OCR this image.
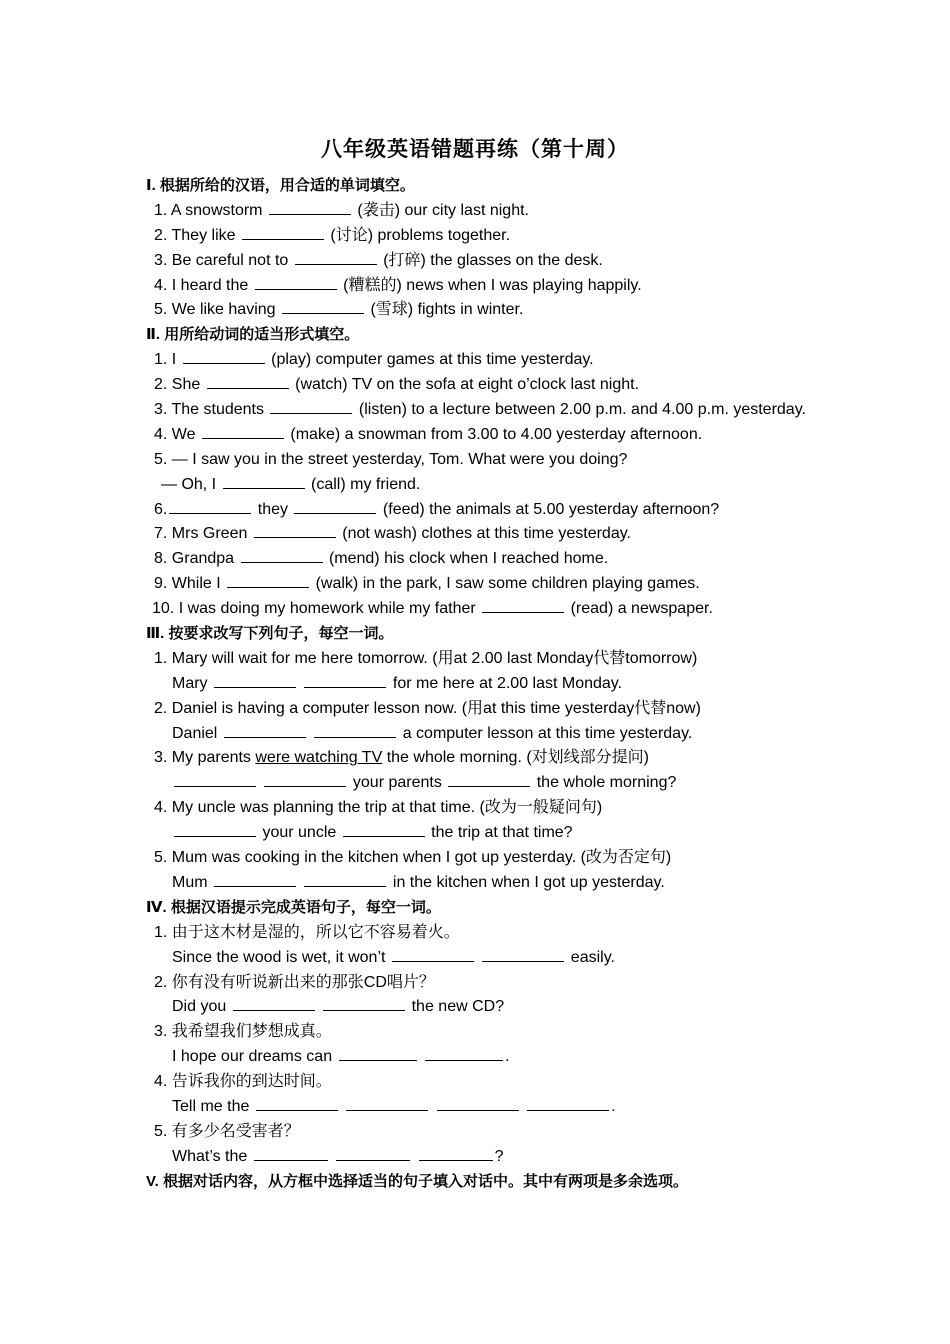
八年级英语错题再练（第十周）
Ⅰ. 根据所给的汉语，用合适的单词填空。
1. A snowstorm	(袭击) our city last night.
2. They like	(讨论) problems together.
3. Be careful not to	(打碎) the glasses on the desk.
4. I heard the	(糟糕的) news when I was playing happily.
5. We like having	(雪球) fights in winter.
Ⅱ. 用所给动词的适当形式填空。
1. I	(play) computer games at this time yesterday.
2. She	(watch) TV on the sofa at eight o’clock last night.
3. The students	(listen) to a lecture between 2.00 p.m. and 4.00 p.m. yesterday.
4. We	(make) a snowman from 3.00 to 4.00 yesterday afternoon.
5. — I saw you in the street yesterday, Tom. What were you doing?
— Oh, I	(call) my friend.
6.	they	(feed) the animals at 5.00 yesterday afternoon?
7. Mrs Green	(not wash) clothes at this time yesterday.
8. Grandpa	(mend) his clock when I reached home.
9. While I	(walk) in the park, I saw some children playing games.
10. I was doing my homework while my father	(read) a newspaper.
Ⅲ. 按要求改写下列句子，每空一词。
1. Mary will wait for me here tomorrow. (用at 2.00 last Monday代替tomorrow)
Mary	for me here at 2.00 last Monday.
2. Daniel is having a computer lesson now. (用at this time yesterday代替now)
Daniel	a computer lesson at this time yesterday.
3. My parents were watching TV the whole morning. (对划线部分提问)
your parents	the whole morning?
4. My uncle was planning the trip at that time. (改为一般疑问句)
your uncle	the trip at that time?
5. Mum was cooking in the kitchen when I got up yesterday. (改为否定句)
Mum	in the kitchen when I got up yesterday.
Ⅳ. 根据汉语提示完成英语句子，每空一词。
1. 由于这木材是湿的，所以它不容易着火。
Since the wood is wet, it won’t	easily.
2. 你有没有听说新出来的那张CD唱片？
Did you	the new CD?
3. 我希望我们梦想成真。
I hope our dreams can	.
4. 告诉我你的到达时间。
Tell me the	.
5. 有多少名受害者？
What’s the	?
V. 根据对话内容，从方框中选择适当的句子填入对话中。其中有两项是多余选项。
